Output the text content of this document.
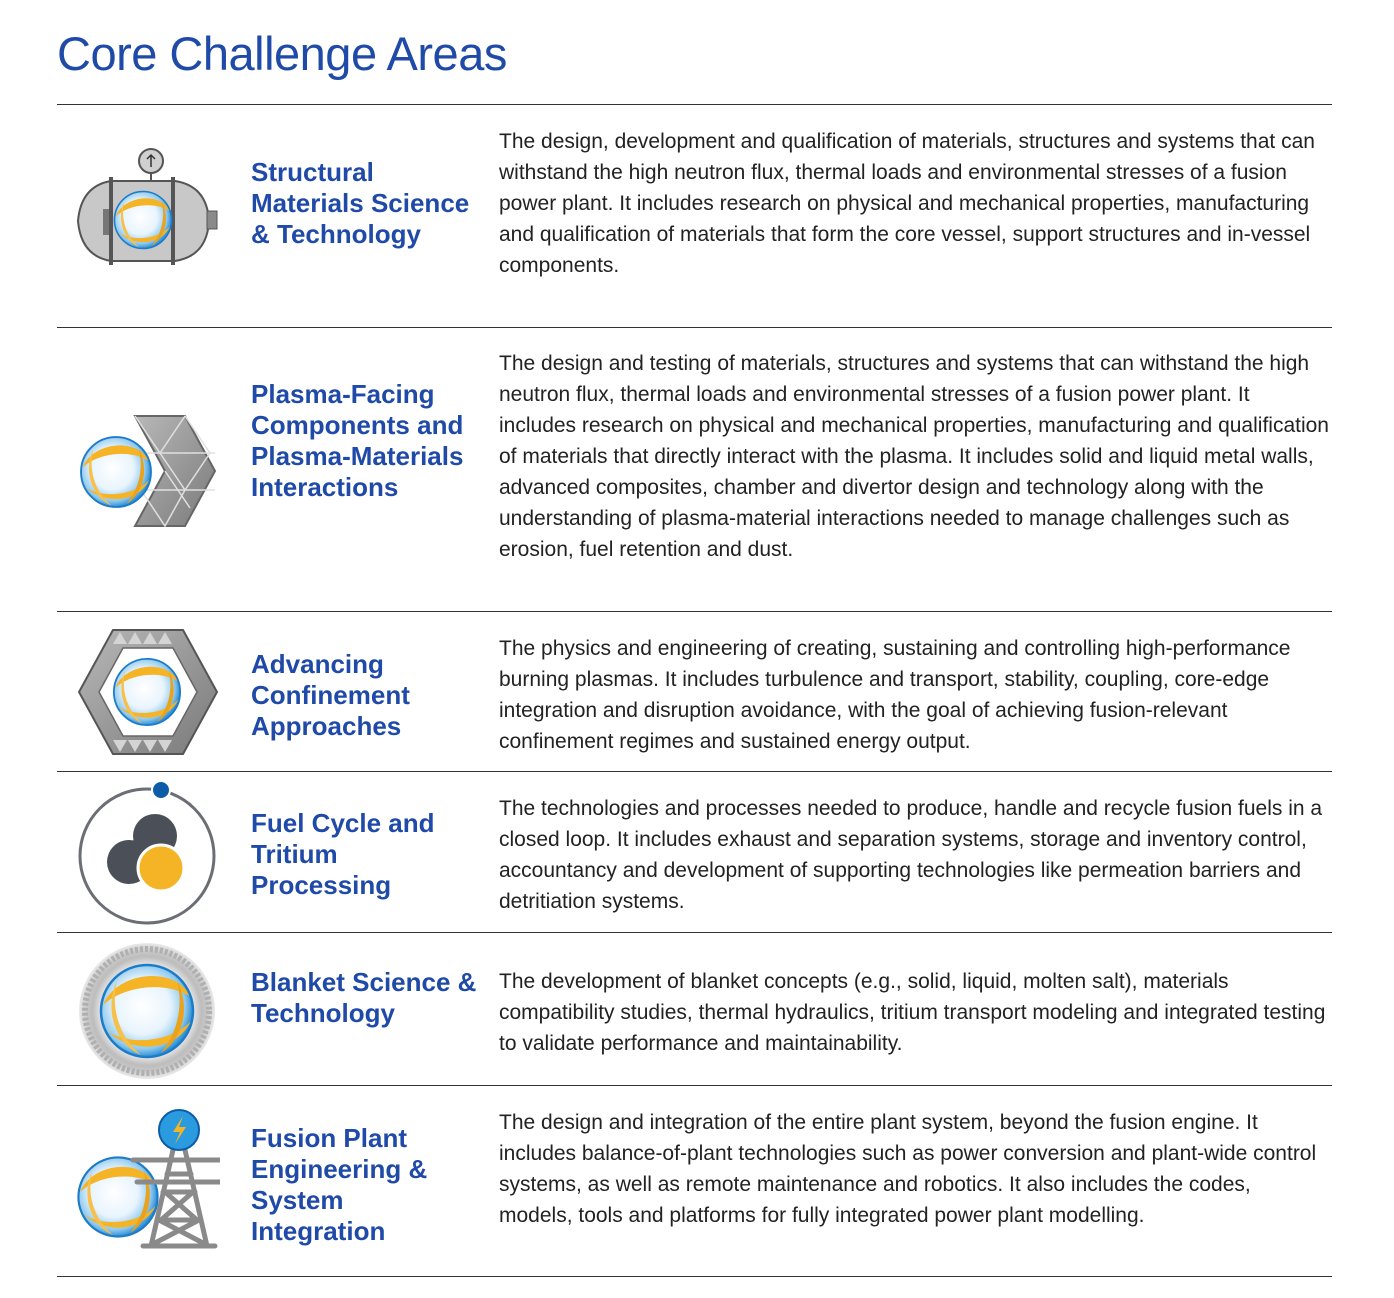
Core Challenge Areas
Structural Materials Science & Technology
The design, development and qualification of materials, structures and systems that can withstand the high neutron flux, thermal loads and environmental stresses of a fusion power plant. It includes research on physical and mechanical properties, manufacturing and qualification of materials that form the core vessel, support structures and in-vessel components.
Plasma-Facing Components and Plasma-Materials Interactions
The design and testing of materials, structures and systems that can withstand the high neutron flux, thermal loads and environmental stresses of a fusion power plant. It includes research on physical and mechanical properties, manufacturing and qualification of materials that directly interact with the plasma. It includes solid and liquid metal walls, advanced composites, chamber and divertor design and technology along with the understanding of plasma-material interactions needed to manage challenges such as erosion, fuel retention and dust.
Advancing Confinement Approaches
The physics and engineering of creating, sustaining and controlling high-performance burning plasmas. It includes turbulence and transport, stability, coupling, core-edge integration and disruption avoidance, with the goal of achieving fusion-relevant confinement regimes and sustained energy output.
Fuel Cycle and Tritium Processing
The technologies and processes needed to produce, handle and recycle fusion fuels in a closed loop. It includes exhaust and separation systems, storage and inventory control, accountancy and development of supporting technologies like permeation barriers and detritiation systems.
Blanket Science & Technology
The development of blanket concepts (e.g., solid, liquid, molten salt), materials compatibility studies, thermal hydraulics, tritium transport modeling and integrated testing to validate performance and maintainability.
Fusion Plant Engineering & System Integration
The design and integration of the entire plant system, beyond the fusion engine. It includes balance-of-plant technologies such as power conversion and plant-wide control systems, as well as remote maintenance and robotics. It also includes the codes, models, tools and platforms for fully integrated power plant modelling.
